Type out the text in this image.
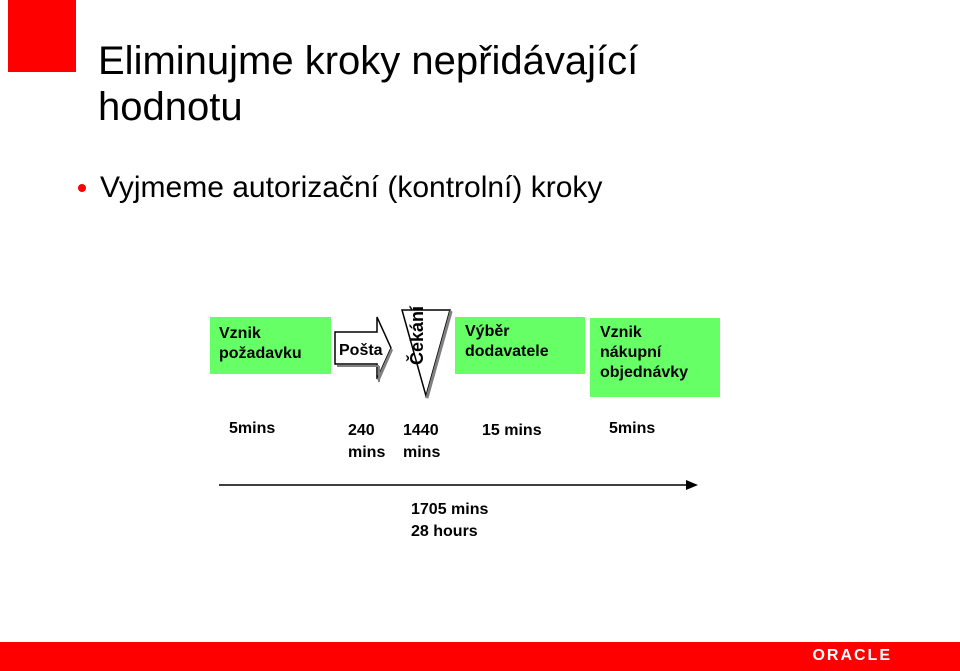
Eliminujme kroky nepřidávající
hodnotu
Vyjmeme autorizační (kontrolní) kroky
Vznik
požadavku	Pošta Čekání Výběr
dodavatele
Vznik
nákupní
objednávky
5mins	240
mins
1440
mins
15 mins	5mins
1705 mins
28 hours
ORACLE
